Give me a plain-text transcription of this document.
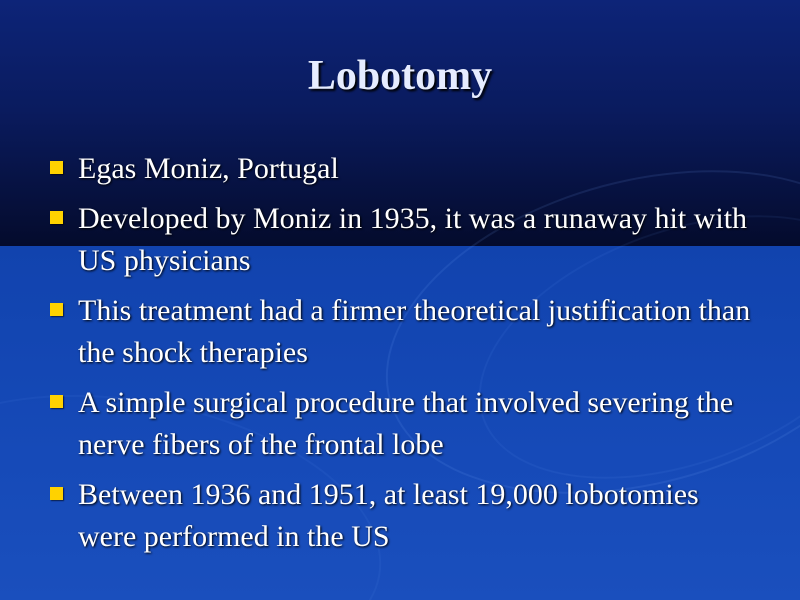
Lobotomy
Egas Moniz, Portugal
Developed by Moniz in 1935, it was a runaway hit with US physicians
This treatment had a firmer theoretical justification than the shock therapies
A simple surgical procedure that involved severing the nerve fibers of the frontal lobe
Between 1936 and 1951, at least 19,000 lobotomies were performed in the US
